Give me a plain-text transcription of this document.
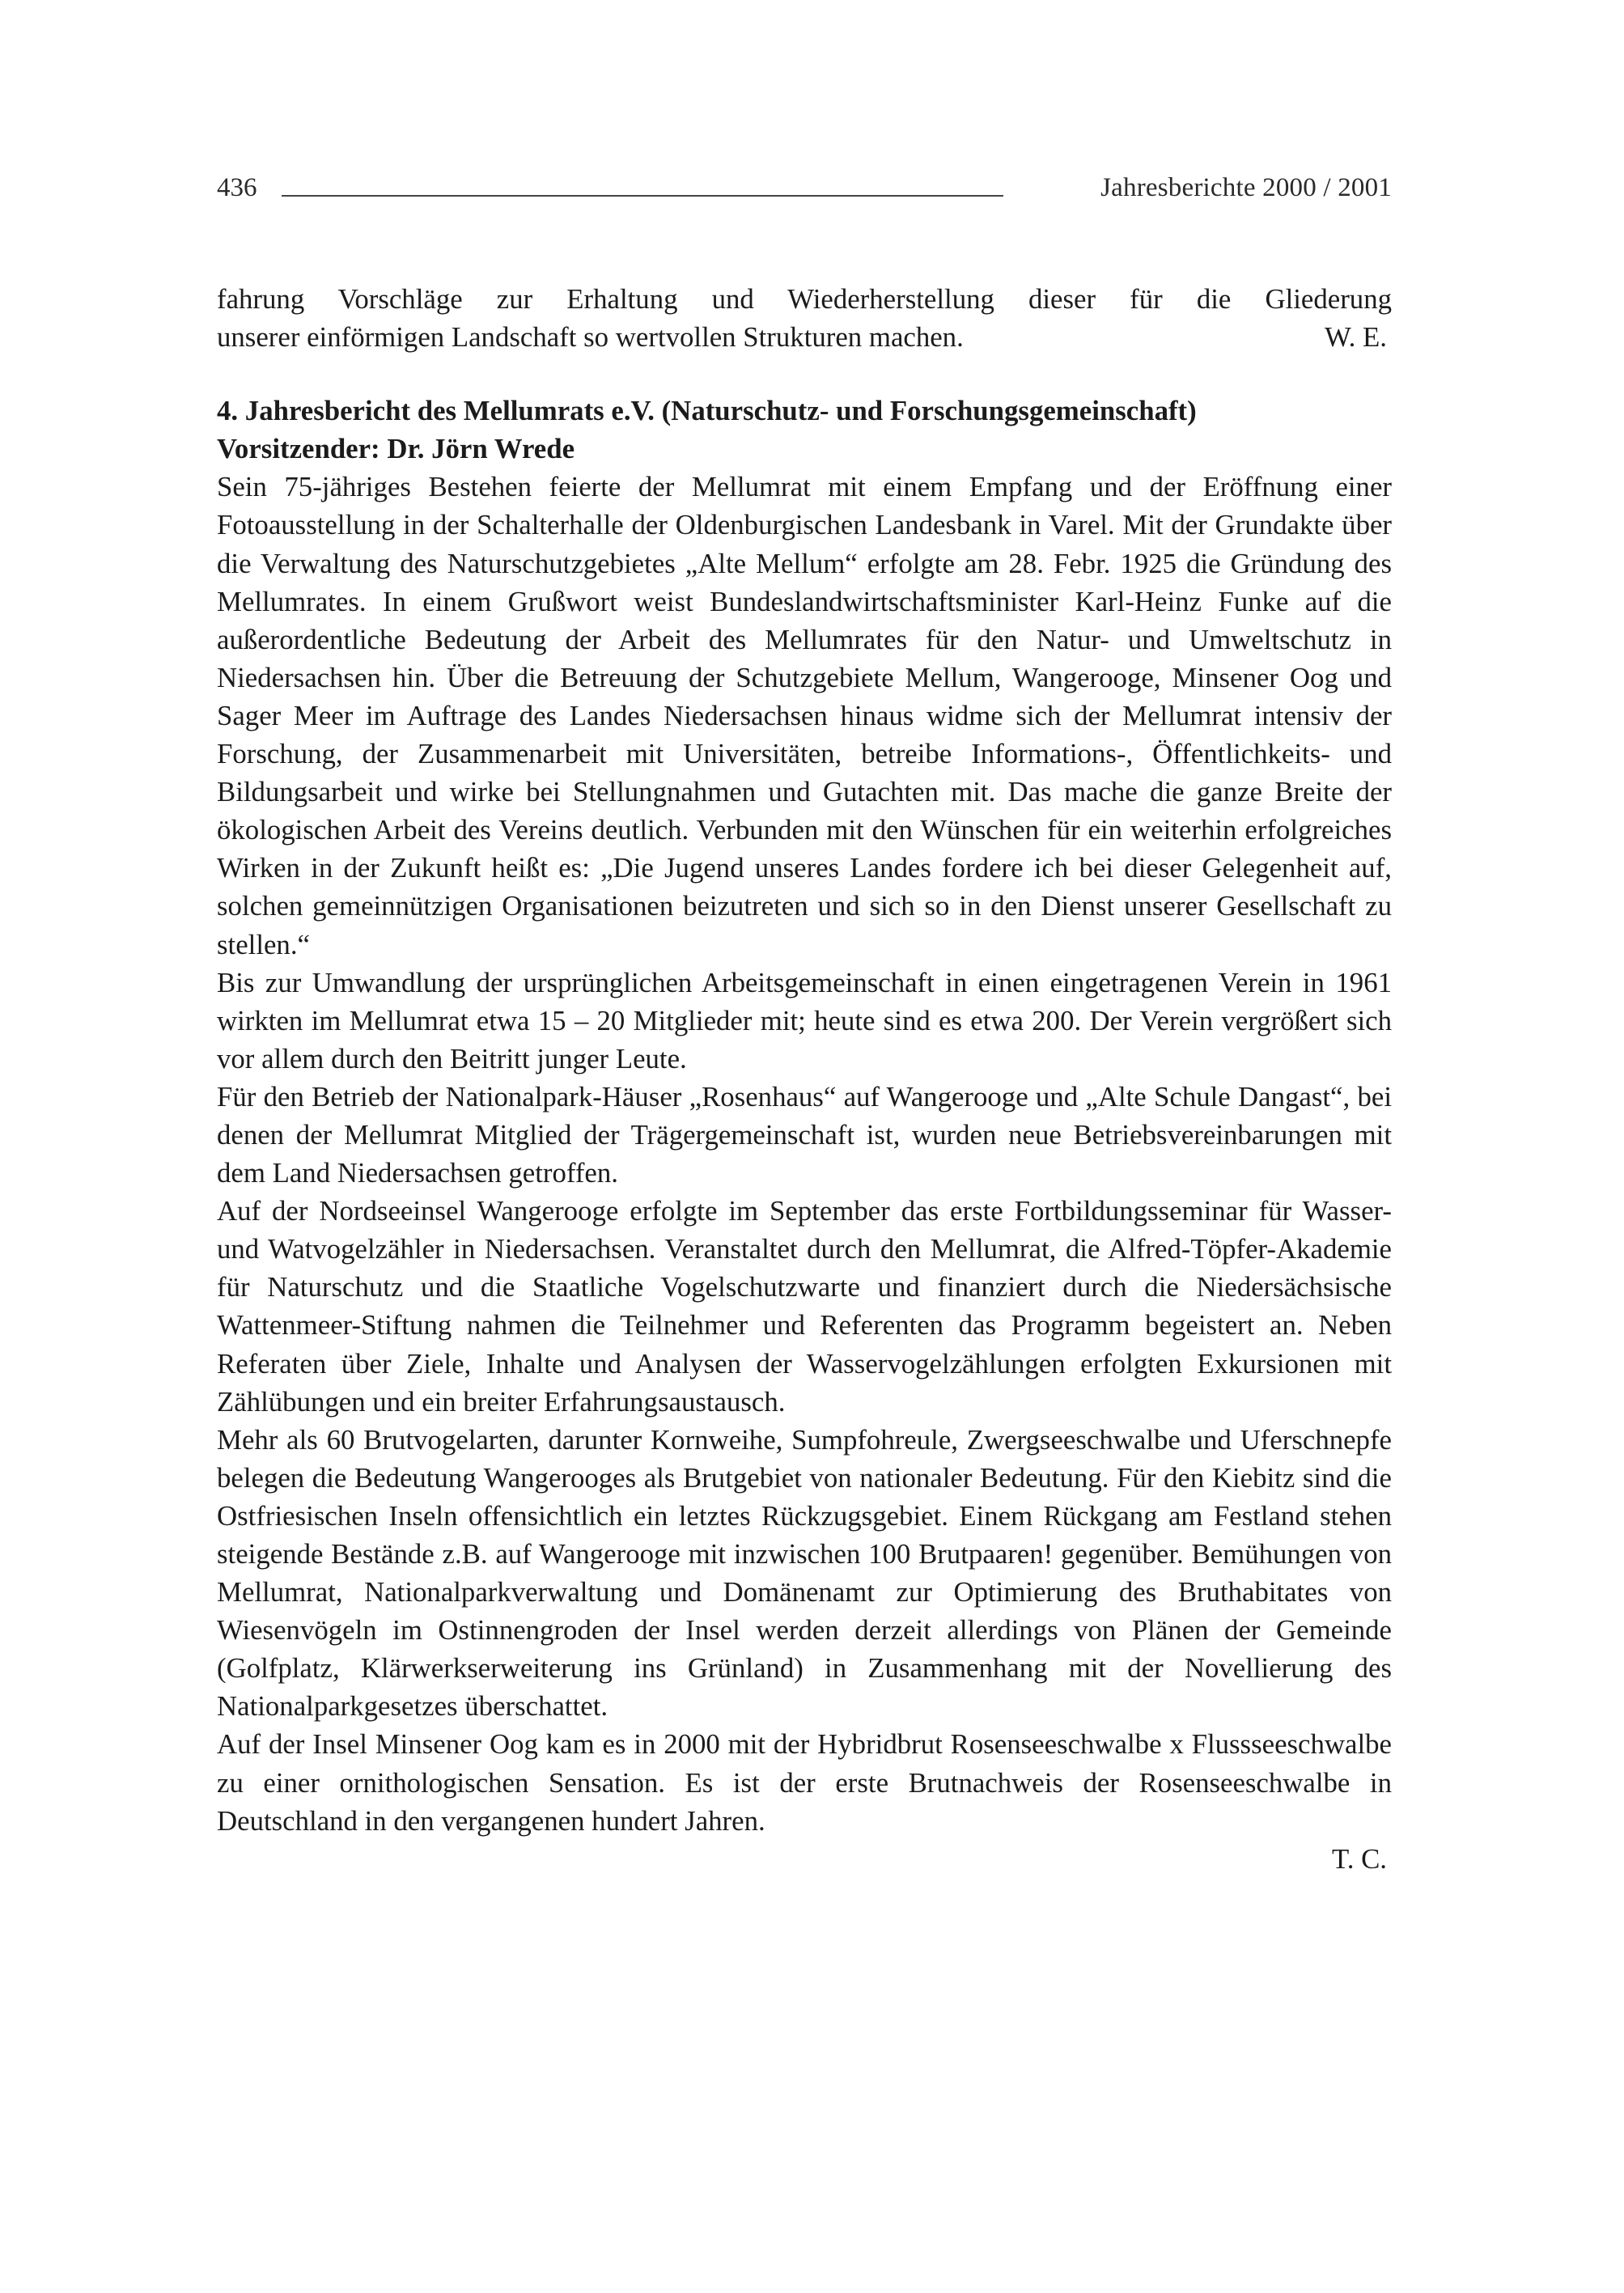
436	Jahresberichte 2000 / 2001

fahrung Vorschläge zur Erhaltung und Wiederherstellung dieser für die Gliederung

unserer einförmigen Landschaft so wertvollen Strukturen machen.	W. E.

4. Jahresbericht des Mellumrats e.V. (Naturschutz- und Forschungsgemeinschaft)
Vorsitzender: Dr. Jörn Wrede

Sein 75-jähriges Bestehen feierte der Mellumrat mit einem Empfang und der Eröffnung einer Fotoausstellung in der Schalterhalle der Oldenburgischen Landesbank in Varel. Mit der Grundakte über die Verwaltung des Naturschutzgebietes „Alte Mellum“ erfolgte am 28. Febr. 1925 die Gründung des Mellumrates. In einem Grußwort weist Bundeslandwirtschaftsminister Karl-Heinz Funke auf die außerordentliche Bedeutung der Arbeit des Mellumrates für den Natur- und Umweltschutz in Niedersachsen hin. Über die Betreuung der Schutzgebiete Mellum, Wangerooge, Minsener Oog und Sager Meer im Auftrage des Landes Niedersachsen hinaus widme sich der Mellumrat intensiv der Forschung, der Zusammenarbeit mit Universitäten, betreibe Informations-, Öffentlichkeits- und Bildungsarbeit und wirke bei Stellungnahmen und Gutachten mit. Das mache die ganze Breite der ökologischen Arbeit des Vereins deutlich. Verbunden mit den Wünschen für ein weiterhin erfolgreiches Wirken in der Zukunft heißt es: „Die Jugend unseres Landes fordere ich bei dieser Gelegenheit auf, solchen gemeinnützigen Organisationen beizutreten und sich so in den Dienst unserer Gesellschaft zu stellen.“

Bis zur Umwandlung der ursprünglichen Arbeitsgemeinschaft in einen eingetragenen Verein in 1961 wirkten im Mellumrat etwa 15 – 20 Mitglieder mit; heute sind es etwa 200. Der Verein vergrößert sich vor allem durch den Beitritt junger Leute.

Für den Betrieb der Nationalpark-Häuser „Rosenhaus“ auf Wangerooge und „Alte Schule Dangast“, bei denen der Mellumrat Mitglied der Trägergemeinschaft ist, wurden neue Betriebsvereinbarungen mit dem Land Niedersachsen getroffen.

Auf der Nordseeinsel Wangerooge erfolgte im September das erste Fortbildungsseminar für Wasser- und Watvogelzähler in Niedersachsen. Veranstaltet durch den Mellumrat, die Alfred-Töpfer-Akademie für Naturschutz und die Staatliche Vogelschutzwarte und finanziert durch die Niedersächsische Wattenmeer-Stiftung nahmen die Teilnehmer und Referenten das Programm begeistert an. Neben Referaten über Ziele, Inhalte und Analysen der Wasservogelzählungen erfolgten Exkursionen mit Zählübungen und ein breiter Erfahrungsaustausch.

Mehr als 60 Brutvogelarten, darunter Kornweihe, Sumpfohreule, Zwergseeschwalbe und Uferschnepfe belegen die Bedeutung Wangerooges als Brutgebiet von nationaler Bedeutung. Für den Kiebitz sind die Ostfriesischen Inseln offensichtlich ein letztes Rückzugsgebiet. Einem Rückgang am Festland stehen steigende Bestände z.B. auf Wangerooge mit inzwischen 100 Brutpaaren! gegenüber. Bemühungen von Mellumrat, Nationalparkverwaltung und Domänenamt zur Optimierung des Bruthabitates von Wiesenvögeln im Ostinnengroden der Insel werden derzeit allerdings von Plänen der Gemeinde (Golfplatz, Klärwerkserweiterung ins Grünland) in Zusammenhang mit der Novellierung des Nationalparkgesetzes überschattet.

Auf der Insel Minsener Oog kam es in 2000 mit der Hybridbrut Rosenseeschwalbe x Flussseeschwalbe zu einer ornithologischen Sensation. Es ist der erste Brutnachweis der Rosenseeschwalbe in Deutschland in den vergangenen hundert Jahren.

T. C.
